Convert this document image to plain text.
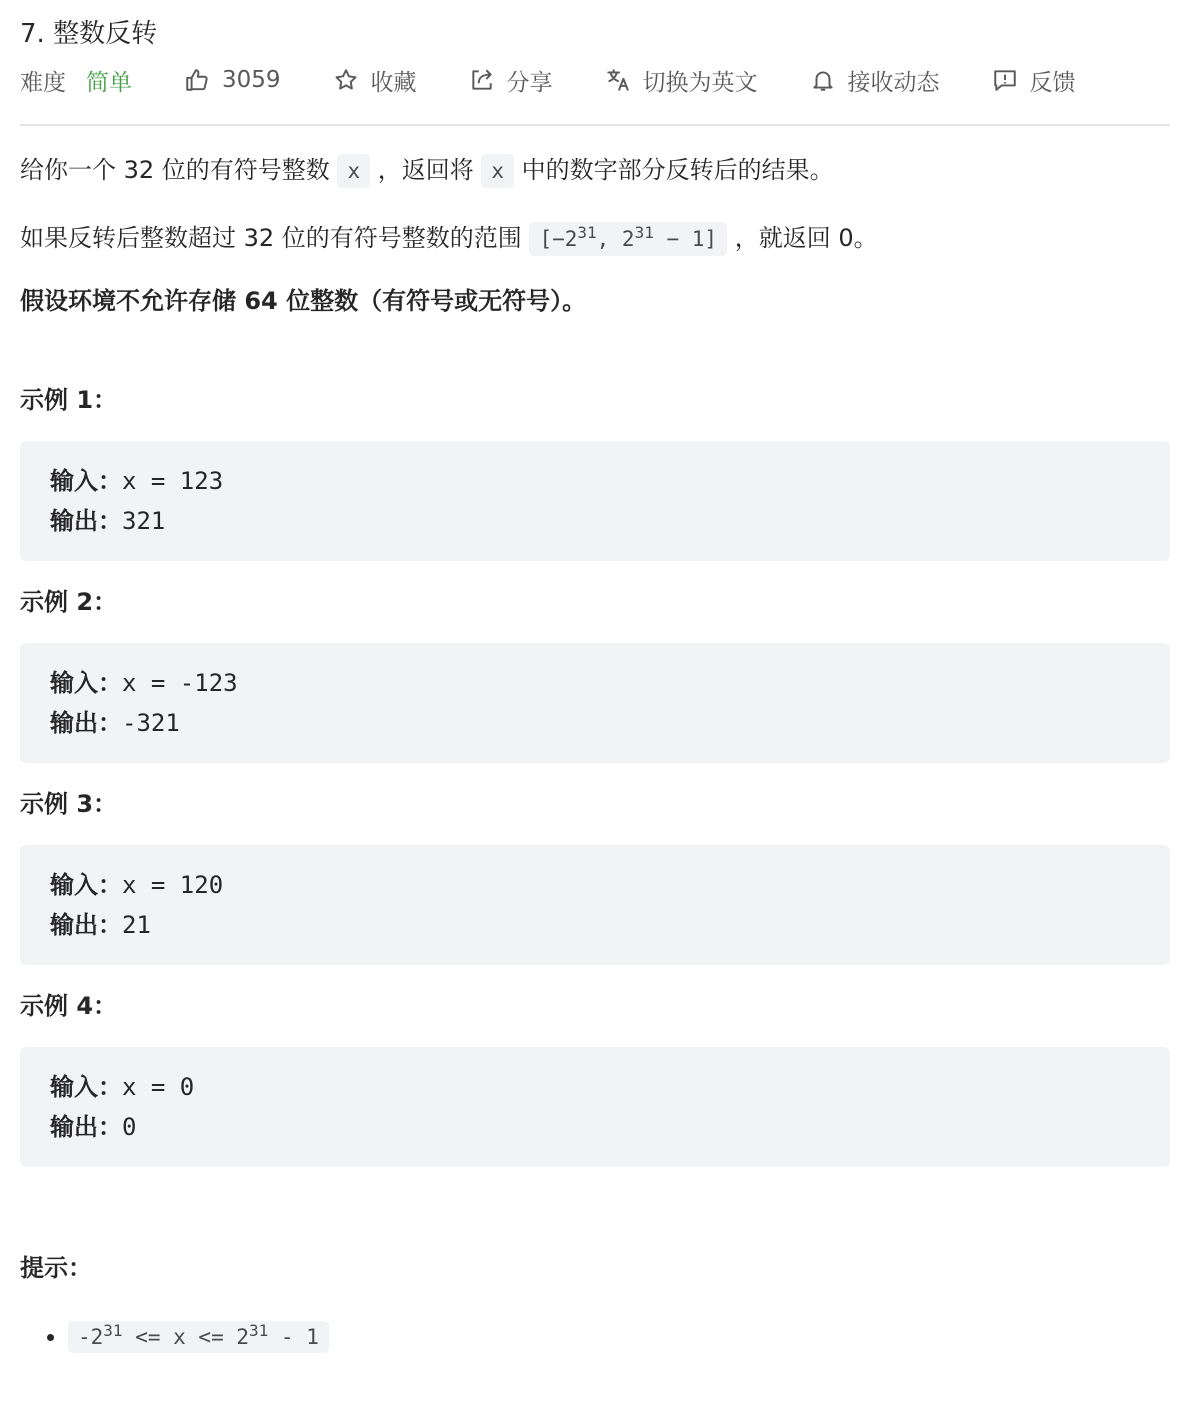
7. 整数反转
难度 简单	3059	收藏	分享	切换为英文	接收动态	反馈

给你一个 32 位的有符号整数 x ，返回将 x 中的数字部分反转后的结果。

如果反转后整数超过 32 位的有符号整数的范围 [$-2^{31}$, $2^{31} - 1$] ，就返回 0。

假设环境不允许存储 64 位整数（有符号或无符号）。

示例 1：
输入：x = 123
输出：321
示例 2：
输入：x = -123
输出：-321
示例 3：
输入：x = 120
输出：21
示例 4：
输入：x = 0
输出：0
提示：
• $-2^{31} <= x <= 2^{31} - 1$
